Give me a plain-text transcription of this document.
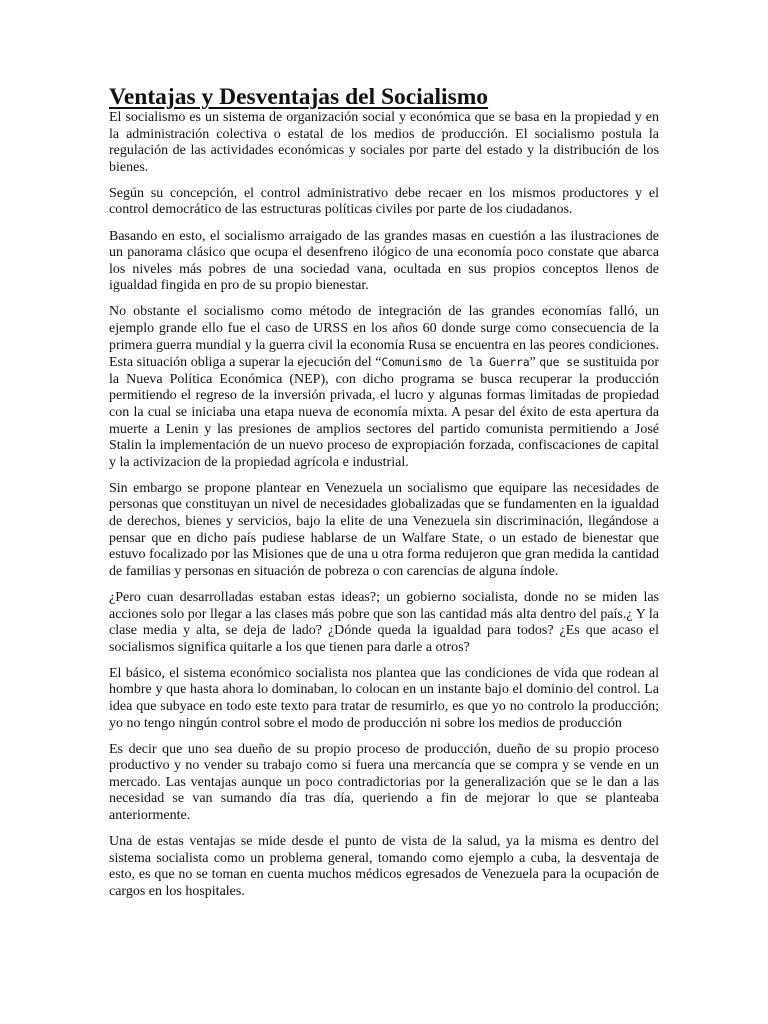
Ventajas y Desventajas del Socialismo

El socialismo es un sistema de organización social y económica que se basa en la propiedad y en la administración colectiva o estatal de los medios de producción. El socialismo postula la regulación de las actividades económicas y sociales por parte del estado y la distribución de los bienes.

Según su concepción, el control administrativo debe recaer en los mismos productores y el control democrático de las estructuras políticas civiles por parte de los ciudadanos.

Basando en esto, el socialismo arraigado de las grandes masas en cuestión a las ilustraciones de un panorama clásico que ocupa el desenfreno ilógico de una economía poco constate que abarca los niveles más pobres de una sociedad vana, ocultada en sus propios conceptos llenos de igualdad fingida en pro de su propio bienestar.

No obstante el socialismo como método de integración de las grandes economías falló, un ejemplo grande ello fue el caso de URSS en los años 60 donde surge como consecuencia de la primera guerra mundial y la guerra civil la economía Rusa se encuentra en las peores condiciones. Esta situación obliga a superar la ejecución del “Comunismo de la Guerra” que se sustituida por la Nueva Política Económica (NEP), con dicho programa se busca recuperar la producción permitiendo el regreso de la inversión privada, el lucro y algunas formas limitadas de propiedad con la cual se iniciaba una etapa nueva de economía mixta. A pesar del éxito de esta apertura da muerte a Lenin y las presiones de amplios sectores del partido comunista permitiendo a José Stalin la implementación de un nuevo proceso de expropiación forzada, confiscaciones de capital y la activizacion de la propiedad agrícola e industrial.

Sin embargo se propone plantear en Venezuela un socialismo que equipare las necesidades de personas que constituyan un nivel de necesidades globalizadas que se fundamenten en la igualdad de derechos, bienes y servicios, bajo la elite de una Venezuela sin discriminación, llegándose a pensar que en dicho país pudiese hablarse de un Walfare State, o un estado de bienestar que estuvo focalizado por las Misiones que de una u otra forma redujeron que gran medida la cantidad de familias y personas en situación de pobreza o con carencias de alguna índole.

¿Pero cuan desarrolladas estaban estas ideas?; un gobierno socialista, donde no se miden las acciones solo por llegar a las clases más pobre que son las cantidad más alta dentro del país.¿ Y la clase media y alta, se deja de lado? ¿Dónde queda la igualdad para todos? ¿Es que acaso el socialismos significa quitarle a los que tienen para darle a otros?

El básico, el sistema económico socialista nos plantea que las condiciones de vida que rodean al hombre y que hasta ahora lo dominaban, lo colocan en un instante bajo el dominio del control. La idea que subyace en todo este texto para tratar de resumirlo, es que yo no controlo la producción; yo no tengo ningún control sobre el modo de producción ni sobre los medios de producción

Es decir que uno sea dueño de su propio proceso de producción, dueño de su propio proceso productivo y no vender su trabajo como si fuera una mercancía que se compra y se vende en un mercado. Las ventajas aunque un poco contradictorias por la generalización que se le dan a las necesidad se van sumando día tras día, queriendo a fin de mejorar lo que se planteaba anteriormente.

Una de estas ventajas se mide desde el punto de vista de la salud, ya la misma es dentro del sistema socialista como un problema general, tomando como ejemplo a cuba, la desventaja de esto, es que no se toman en cuenta muchos médicos egresados de Venezuela para la ocupación de cargos en los hospitales.
